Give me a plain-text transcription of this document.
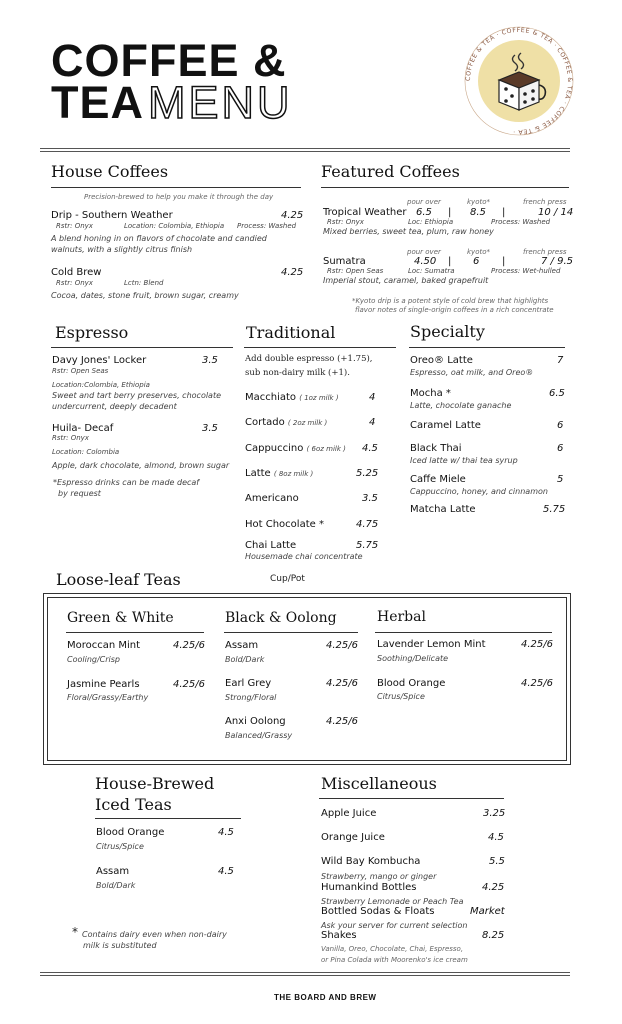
COFFEE &
TEAMENU	COFFEE & TEA · COFFEE & TEA · COFFEE & TEA · COFFEE & TEA ·
House Coffees
Precision-brewed to help you make it through the day
Drip - Southern Weather	4.25
Rstr: Onyx	Location: Colombia, Ethiopia Process: Washed
A blend honing in on flavors of chocolate and candied walnuts, with a slightly citrus finish
Cold Brew	4.25
Rstr: Onyx	Lctn: Blend
Cocoa, dates, stone fruit, brown sugar, creamy
Featured Coffees
pour over	kyoto*	french press
Tropical Weather 6.5 | 8.5 |	10 / 14
Rstr: Onyx	Loc: Ethiopia	Process: Washed
Mixed berries, sweet tea, plum, raw honey
pour over	kyoto*	french press
Sumatra	4.50 | 6 |	7 / 9.5
Rstr: Open Seas	Loc: Sumatra	Process: Wet-hulled
Imperial stout, caramel, baked grapefruit
*Kyoto drip is a potent style of cold brew that highlights
flavor notes of single-origin coffees in a rich concentrate
Espresso
Davy Jones' Locker	3.5
Rstr: Open Seas
Location:Colombia, Ethiopia
Sweet and tart berry preserves, chocolate undercurrent, deeply decadent
Huila- Decaf	3.5
Rstr: Onyx
Location: Colombia
Apple, dark chocolate, almond, brown sugar
*Espresso drinks can be made decaf
by request
Traditional
Add double espresso (+1.75),
sub non-dairy milk (+1).
Macchiato ( 1oz milk )	4
Cortado ( 2oz milk )	4
Cappuccino ( 6oz milk ) 4.5
Latte ( 8oz milk )	5.25
Americano	3.5
Hot Chocolate *	4.75
Chai Latte	5.75
Housemade chai concentrate
Specialty
Oreo® Latte	7
Espresso, oat milk, and Oreo®
Mocha *	6.5
Latte, chocolate ganache
Caramel Latte	6
Black Thai	6
Iced latte w/ thai tea syrup
Caffe Miele	5
Cappuccino, honey, and cinnamon
Matcha Latte	5.75
Loose-leaf Teas	Cup/Pot
Green & White
Moroccan Mint	4.25/6
Cooling/Crisp
Jasmine Pearls	4.25/6
Floral/Grassy/Earthy
Black & Oolong
Assam	4.25/6
Bold/Dark
Earl Grey	4.25/6
Strong/Floral
Anxi Oolong	4.25/6
Balanced/Grassy
Herbal
Lavender Lemon Mint	4.25/6
Soothing/Delicate
Blood Orange	4.25/6
Citrus/Spice
House-Brewed
Iced Teas
Blood Orange	4.5
Citrus/Spice
Assam	4.5
Bold/Dark
* Contains dairy even when non-dairy
milk is substituted
Miscellaneous
Apple Juice	3.25
Orange Juice	4.5
Wild Bay Kombucha	5.5
Strawberry, mango or ginger
Humankind Bottles	4.25
Strawberry Lemonade or Peach Tea
Bottled Sodas & Floats	Market
Ask your server for current selection
Shakes	8.25
Vanilla, Oreo, Chocolate, Chai, Espresso,
or Pina Colada with Moorenko's ice cream
THE BOARD AND BREW
